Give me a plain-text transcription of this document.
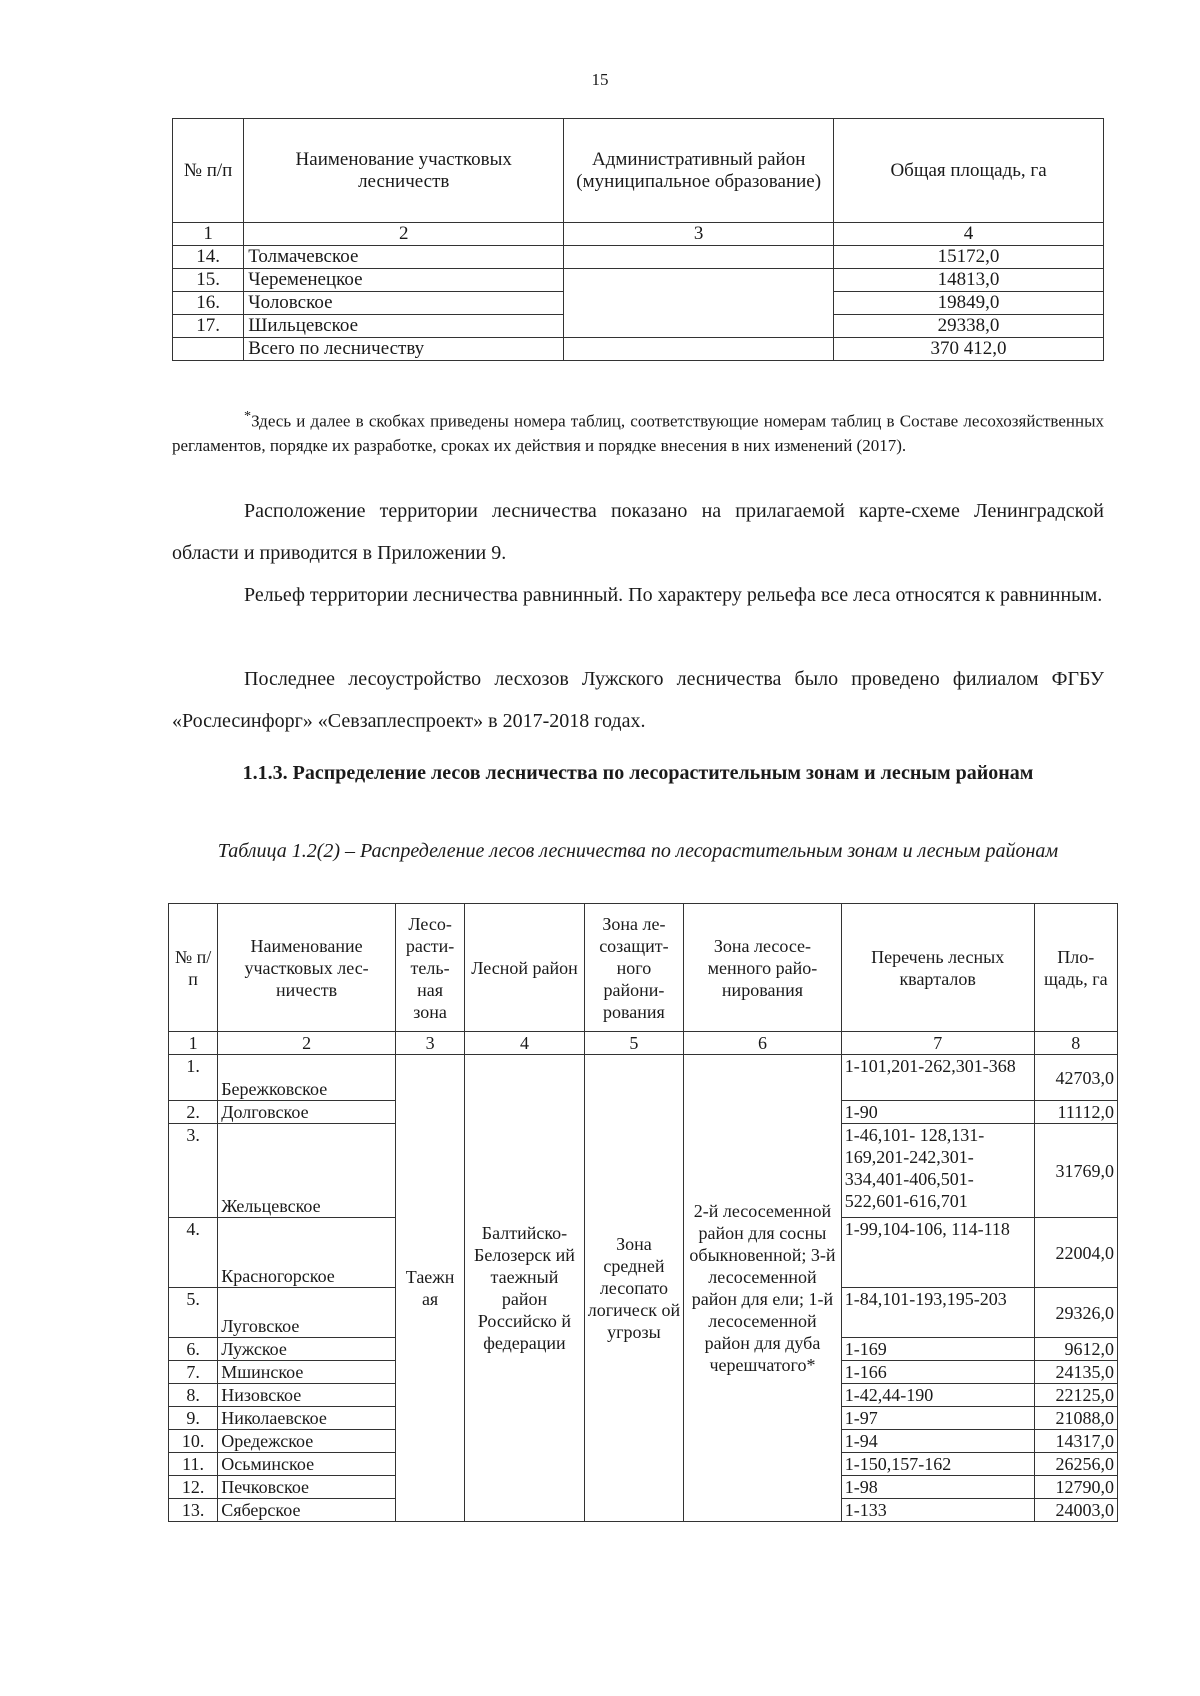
15
№ п/п	Наименование участковых лесничеств	Административный район (муниципальное образование)	Общая площадь, га
1	2	3	4
14.	Толмачевское		15172,0
15.	Череменецкое		14813,0
16.	Чоловское		19849,0
17.	Шильцевское		29338,0
	Всего по лесничеству		370 412,0
*Здесь и далее в скобках приведены номера таблиц, соответствующие номерам таблиц в Составе лесохозяйственных регламентов, порядке их разработке, сроках их действия и порядке внесения в них изменений (2017).
Расположение территории лесничества показано на прилагаемой карте-схеме Ленинградской области и приводится в Приложении 9.
Рельеф территории лесничества равнинный. По характеру рельефа все леса относятся к равнинным.
Последнее лесоустройство лесхозов Лужского лесничества было проведено филиалом ФГБУ «Рослесинфорг» «Севзаплеспроект» в 2017-2018 годах.
1.1.3. Распределение лесов лесничества по лесорастительным зонам и лесным районам
Таблица 1.2(2) – Распределение лесов лесничества по лесорастительным зонам и лесным районам
№ п/п	Наименование участковых лес-ничеств	Лесо-расти-тель-ная зона	Лесной район	Зона ле-созащит-ного райони-рования	Зона лесосе-менного райо-нирования	Перечень лесных кварталов	Пло-щадь, га
1	2	3	4	5	6	7	8
1.	Бережковское	Таежн ая	Балтийско-Белозерск ий таежный район Российско й федерации	Зона средней лесопато логическ ой угрозы	2-й лесосеменной район для сосны обыкновенной; 3-й лесосеменной район для ели; 1-й лесосеменной район для дуба черешчатого*	1-101,201-262,301-368	42703,0
2.	Долговское					1-90	11112,0
3.	Жельцевское					1-46,101- 128,131-169,201-242,301-334,401-406,501-522,601-616,701	31769,0
4.	Красногорское					1-99,104-106, 114-118	22004,0
5.	Луговское					1-84,101-193,195-203	29326,0
6.	Лужское					1-169	9612,0
7.	Мшинское					1-166	24135,0
8.	Низовское					1-42,44-190	22125,0
9.	Николаевское					1-97	21088,0
10.	Оредежское					1-94	14317,0
11.	Осьминское					1-150,157-162	26256,0
12.	Печковское					1-98	12790,0
13.	Сяберское					1-133	24003,0
